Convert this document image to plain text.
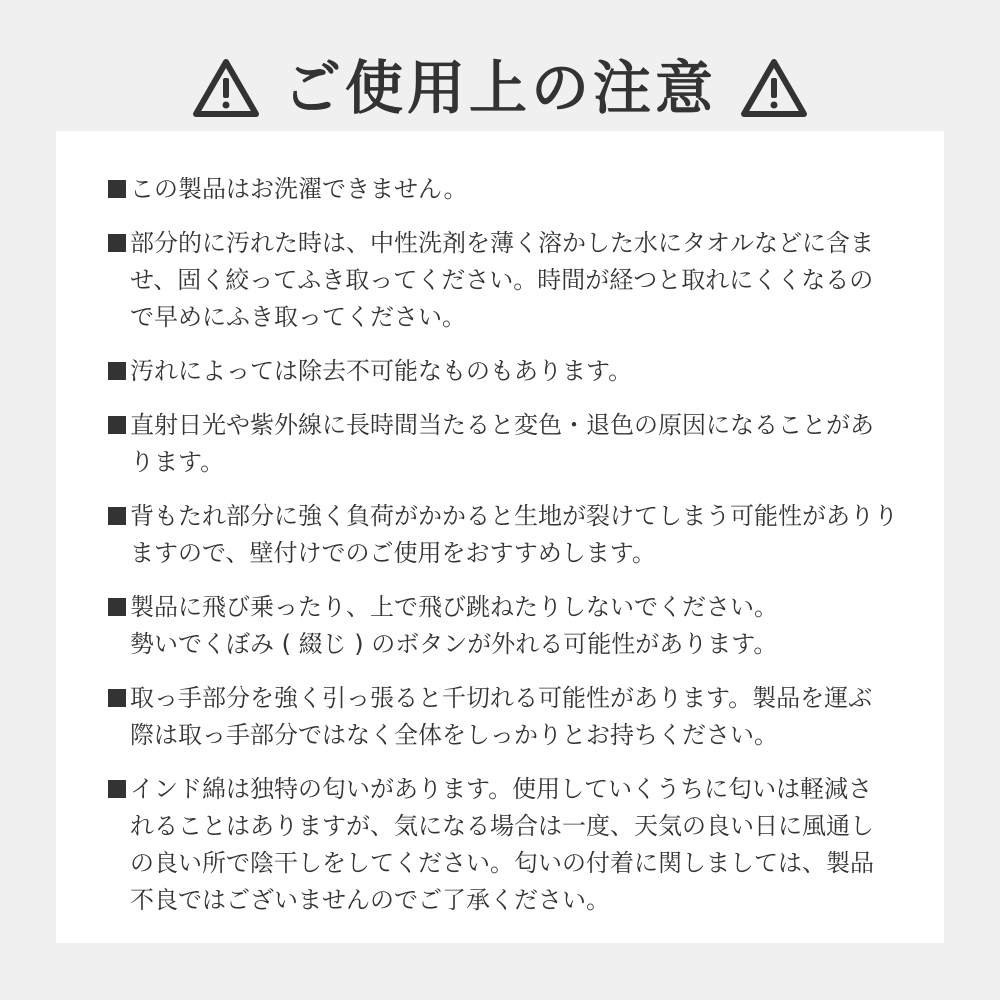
ご使用上の注意
この製品はお洗濯できません。
部分的に汚れた時は、中性洗剤を薄く溶かした水にタオルなどに含ま
せ、固く絞ってふき取ってください。時間が経つと取れにくくなるの
で早めにふき取ってください。
汚れによっては除去不可能なものもあります。
直射日光や紫外線に長時間当たると変色・退色の原因になることがあ
ります。
背もたれ部分に強く負荷がかかると生地が裂けてしまう可能性がありり
ますので、壁付けでのご使用をおすすめします。
製品に飛び乗ったり、上で飛び跳ねたりしないでください。
勢いでくぼみ ( 綴じ ) のボタンが外れる可能性があります。
取っ手部分を強く引っ張ると千切れる可能性があります。製品を運ぶ
際は取っ手部分ではなく全体をしっかりとお持ちください。
インド綿は独特の匂いがあります。使用していくうちに匂いは軽減さ
れることはありますが、気になる場合は一度、天気の良い日に風通し
の良い所で陰干しをしてください。匂いの付着に関しましては、製品
不良ではございませんのでご了承ください。
